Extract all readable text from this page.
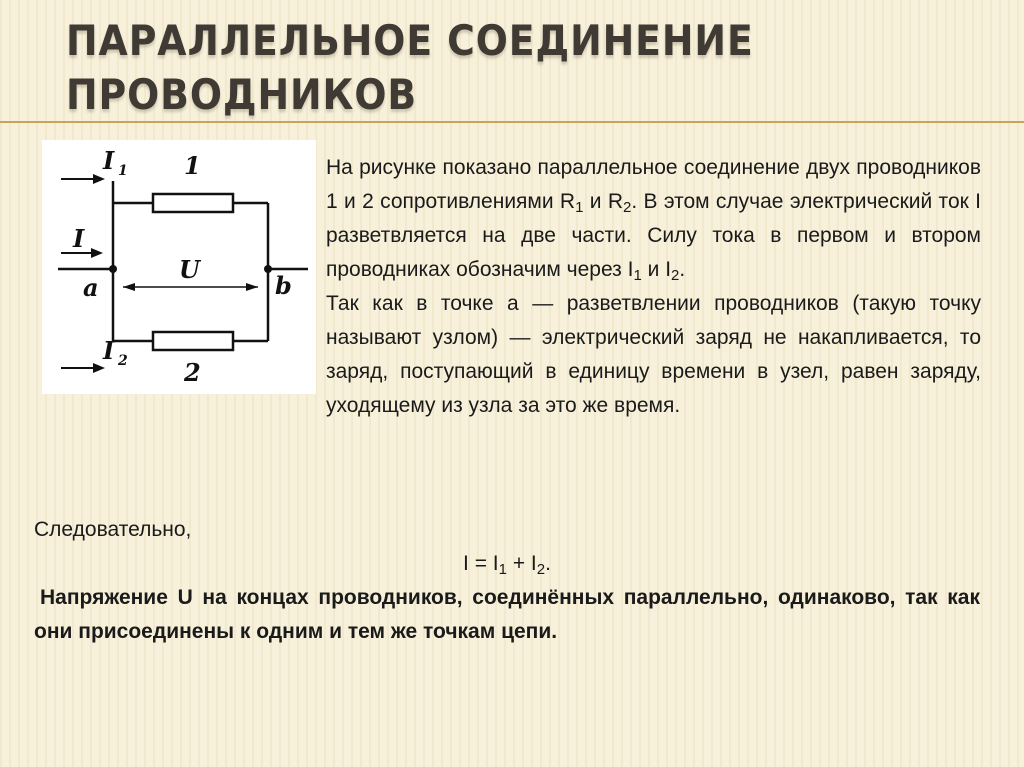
ПАРАЛЛЕЛЬНОЕ СОЕДИНЕНИЕ ПРОВОДНИКОВ
I 1 1
I
a
U
b
I 2 2

На рисунке показано параллельное соединение двух проводников 1 и 2 сопротивлениями $R_1$ и $R_2$. В этом случае электрический ток I разветвляется на две части. Силу тока в первом и втором проводниках обозначим через $I_1$ и $I_2$.

Так как в точке a — разветвлении проводников (такую точку называют узлом) — электрический заряд не накапливается, то заряд, поступающий в единицу времени в узел, равен заряду, уходящему из узла за это же время.

Следовательно,

$I = I_1 + I_2$.

Напряжение U на концах проводников, соединённых параллельно, одинаково, так как они присоединены к одним и тем же точкам цепи.
